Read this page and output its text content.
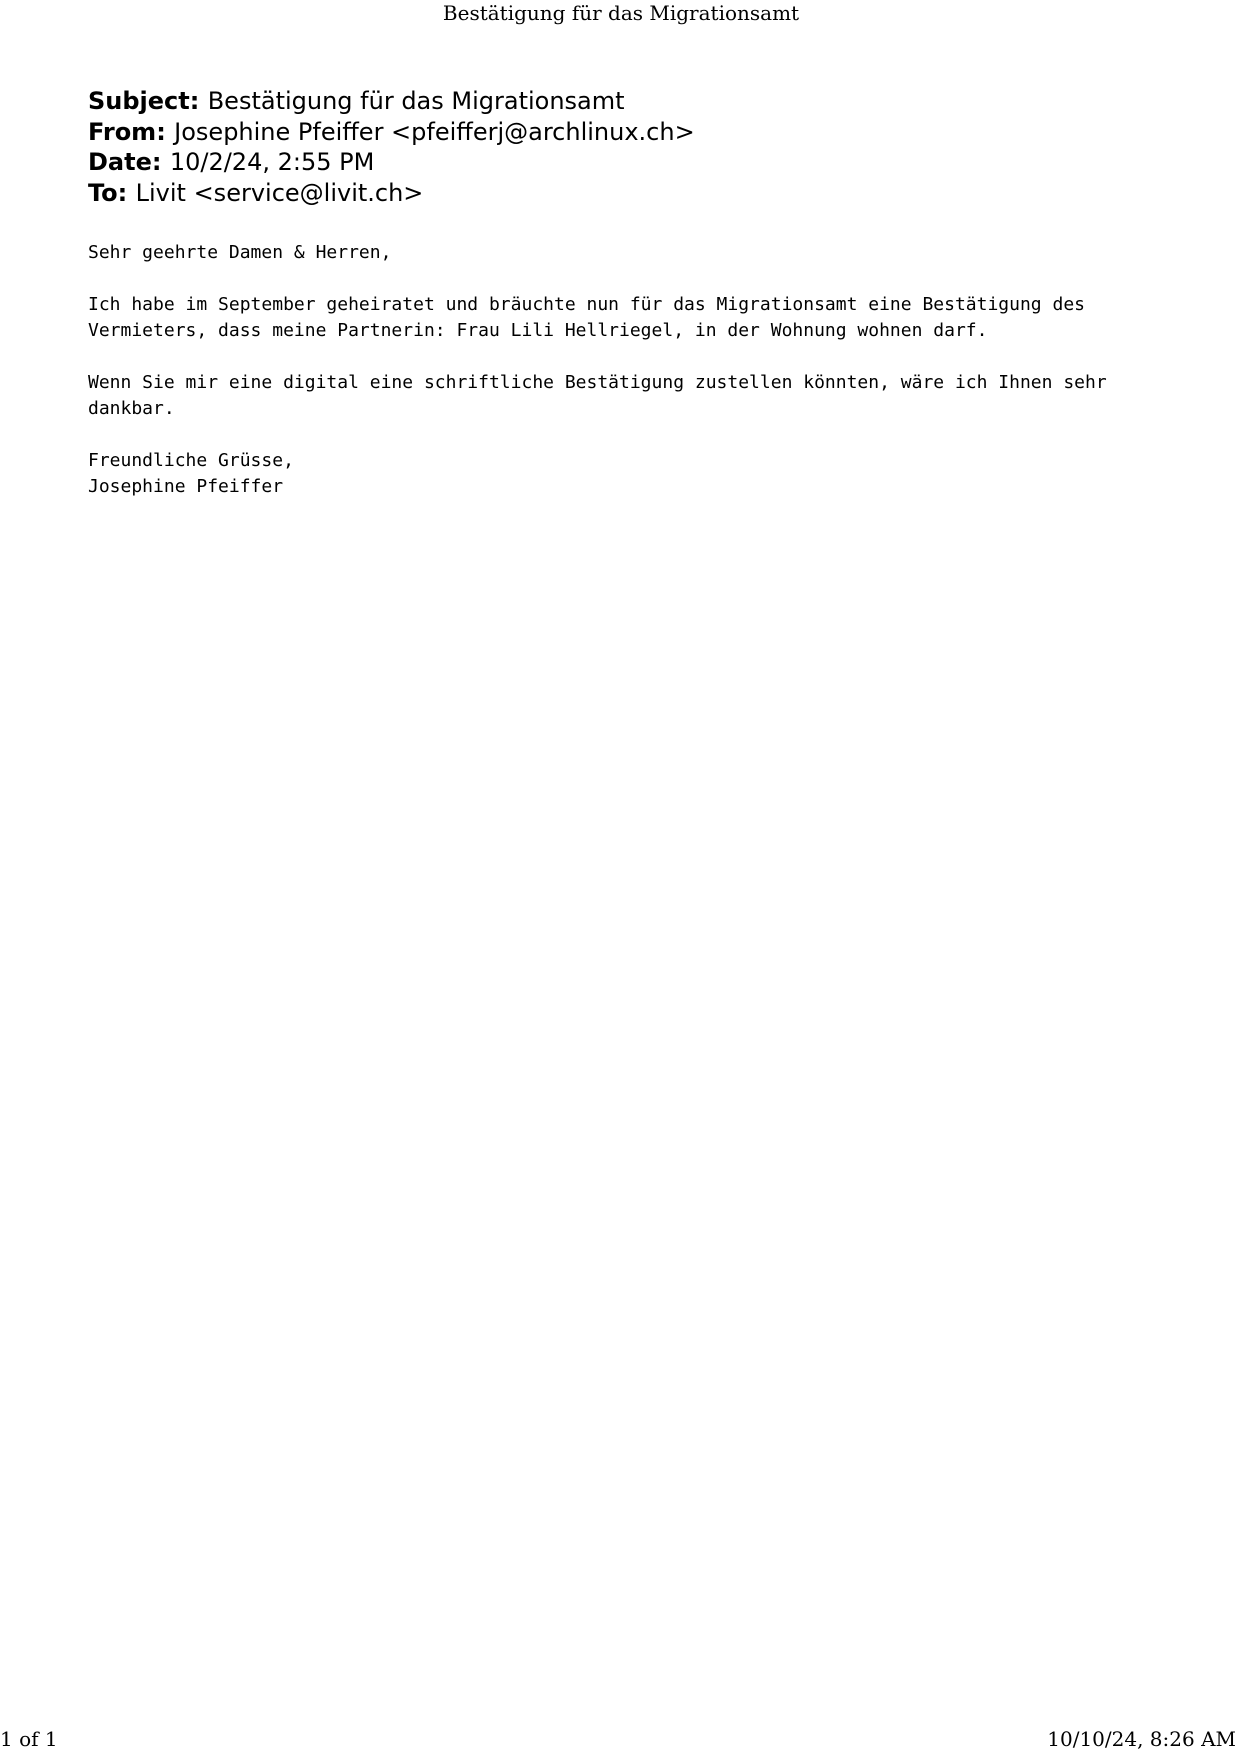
Bestätigung für das Migrationsamt
Subject: Bestätigung für das Migrationsamt
From: Josephine Pfeiffer <pfeifferj@archlinux.ch>
Date: 10/2/24, 2:55 PM
To: Livit <service@livit.ch>

Sehr geehrte Damen & Herren,

Ich habe im September geheiratet und bräuchte nun für das Migrationsamt eine Bestätigung des Vermieters, dass meine Partnerin: Frau Lili Hellriegel, in der Wohnung wohnen darf.

Wenn Sie mir eine digital eine schriftliche Bestätigung zustellen könnten, wäre ich Ihnen sehr dankbar.

Freundliche Grüsse,

Josephine Pfeiffer

1 of 1	10/10/24, 8:26 AM
